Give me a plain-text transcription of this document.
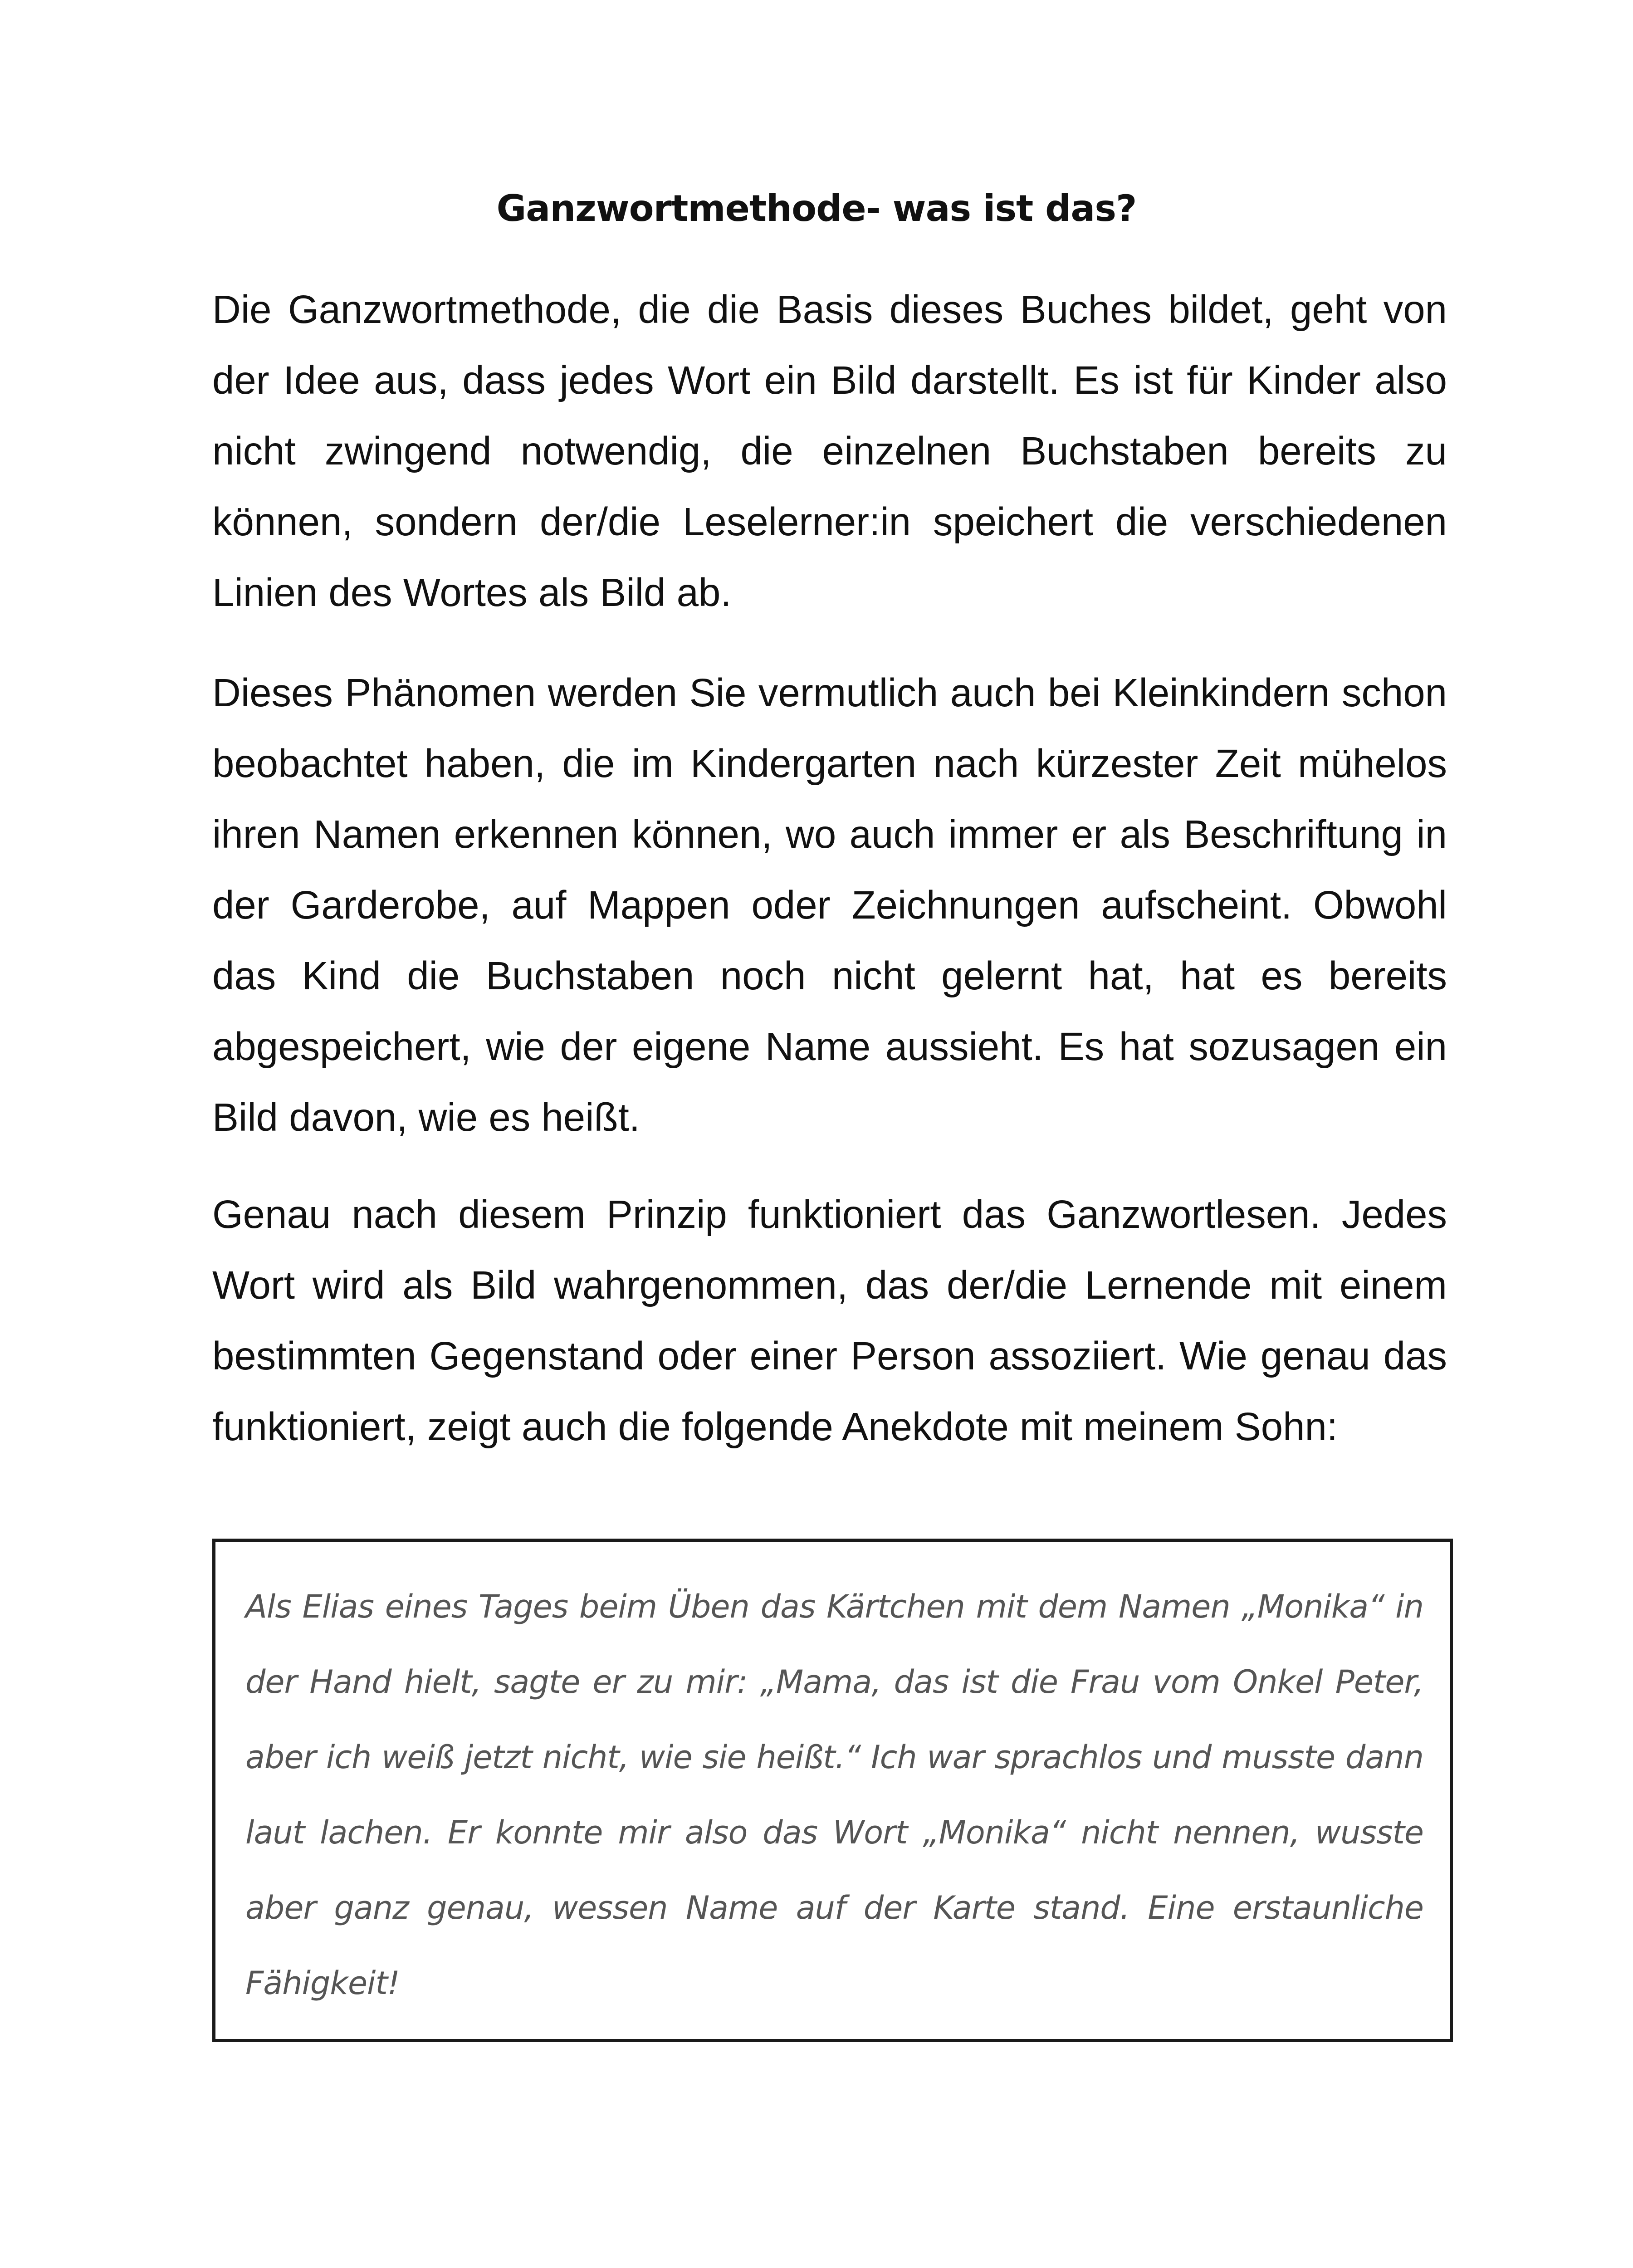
Ganzwortmethode- was ist das?

Die Ganzwortmethode, die die Basis dieses Buches bildet, geht von der Idee aus, dass jedes Wort ein Bild darstellt. Es ist für Kinder also nicht zwingend notwendig, die einzelnen Buchstaben bereits zu können, sondern der/die Leselerner:in speichert die verschiedenen Linien des Wortes als Bild ab.

Dieses Phänomen werden Sie vermutlich auch bei Kleinkindern schon beobachtet haben, die im Kindergarten nach kürzester Zeit mühelos ihren Namen erkennen können, wo auch immer er als Beschriftung in der Garderobe, auf Mappen oder Zeichnungen aufscheint. Obwohl das Kind die Buchstaben noch nicht gelernt hat, hat es bereits abgespeichert, wie der eigene Name aussieht. Es hat sozusagen ein Bild davon, wie es heißt.

Genau nach diesem Prinzip funktioniert das Ganzwortlesen. Jedes Wort wird als Bild wahrgenommen, das der/die Lernende mit einem bestimmten Gegenstand oder einer Person assoziiert. Wie genau das funktioniert, zeigt auch die folgende Anekdote mit meinem Sohn:

Als Elias eines Tages beim Üben das Kärtchen mit dem Namen „Monika“ in der Hand hielt, sagte er zu mir: „Mama, das ist die Frau vom Onkel Peter, aber ich weiß jetzt nicht, wie sie heißt.“ Ich war sprachlos und musste dann laut lachen. Er konnte mir also das Wort „Monika“ nicht nennen, wusste aber ganz genau, wessen Name auf der Karte stand. Eine erstaunliche Fähigkeit!
